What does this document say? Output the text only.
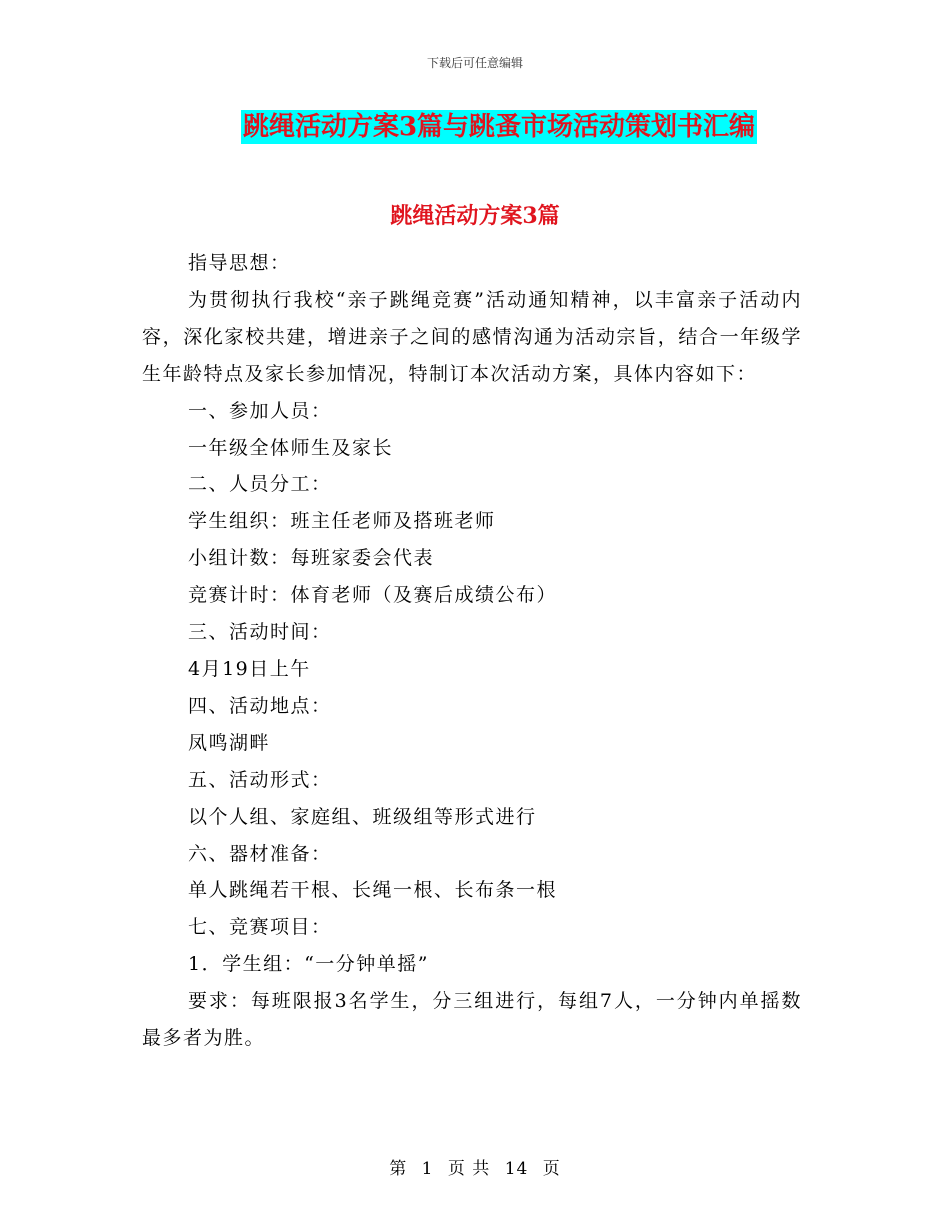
下载后可任意编辑
跳绳活动方案3篇与跳蚤市场活动策划书汇编
跳绳活动方案3篇

指导思想：

为贯彻执行我校“亲子跳绳竞赛”活动通知精神，以丰富亲子活动内容，深化家校共建，增进亲子之间的感情沟通为活动宗旨，结合一年级学生年龄特点及家长参加情况，特制订本次活动方案，具体内容如下：

一、参加人员：

一年级全体师生及家长

二、人员分工：

学生组织：班主任老师及搭班老师

小组计数：每班家委会代表

竞赛计时：体育老师（及赛后成绩公布）

三、活动时间：

4月19日上午

四、活动地点：

凤鸣湖畔

五、活动形式：

以个人组、家庭组、班级组等形式进行

六、器材准备：

单人跳绳若干根、长绳一根、长布条一根

七、竞赛项目：

1．学生组：“一分钟单摇”

要求：每班限报3名学生，分三组进行，每组7人，一分钟内单摇数最多者为胜。

第 1 页 共 14 页
